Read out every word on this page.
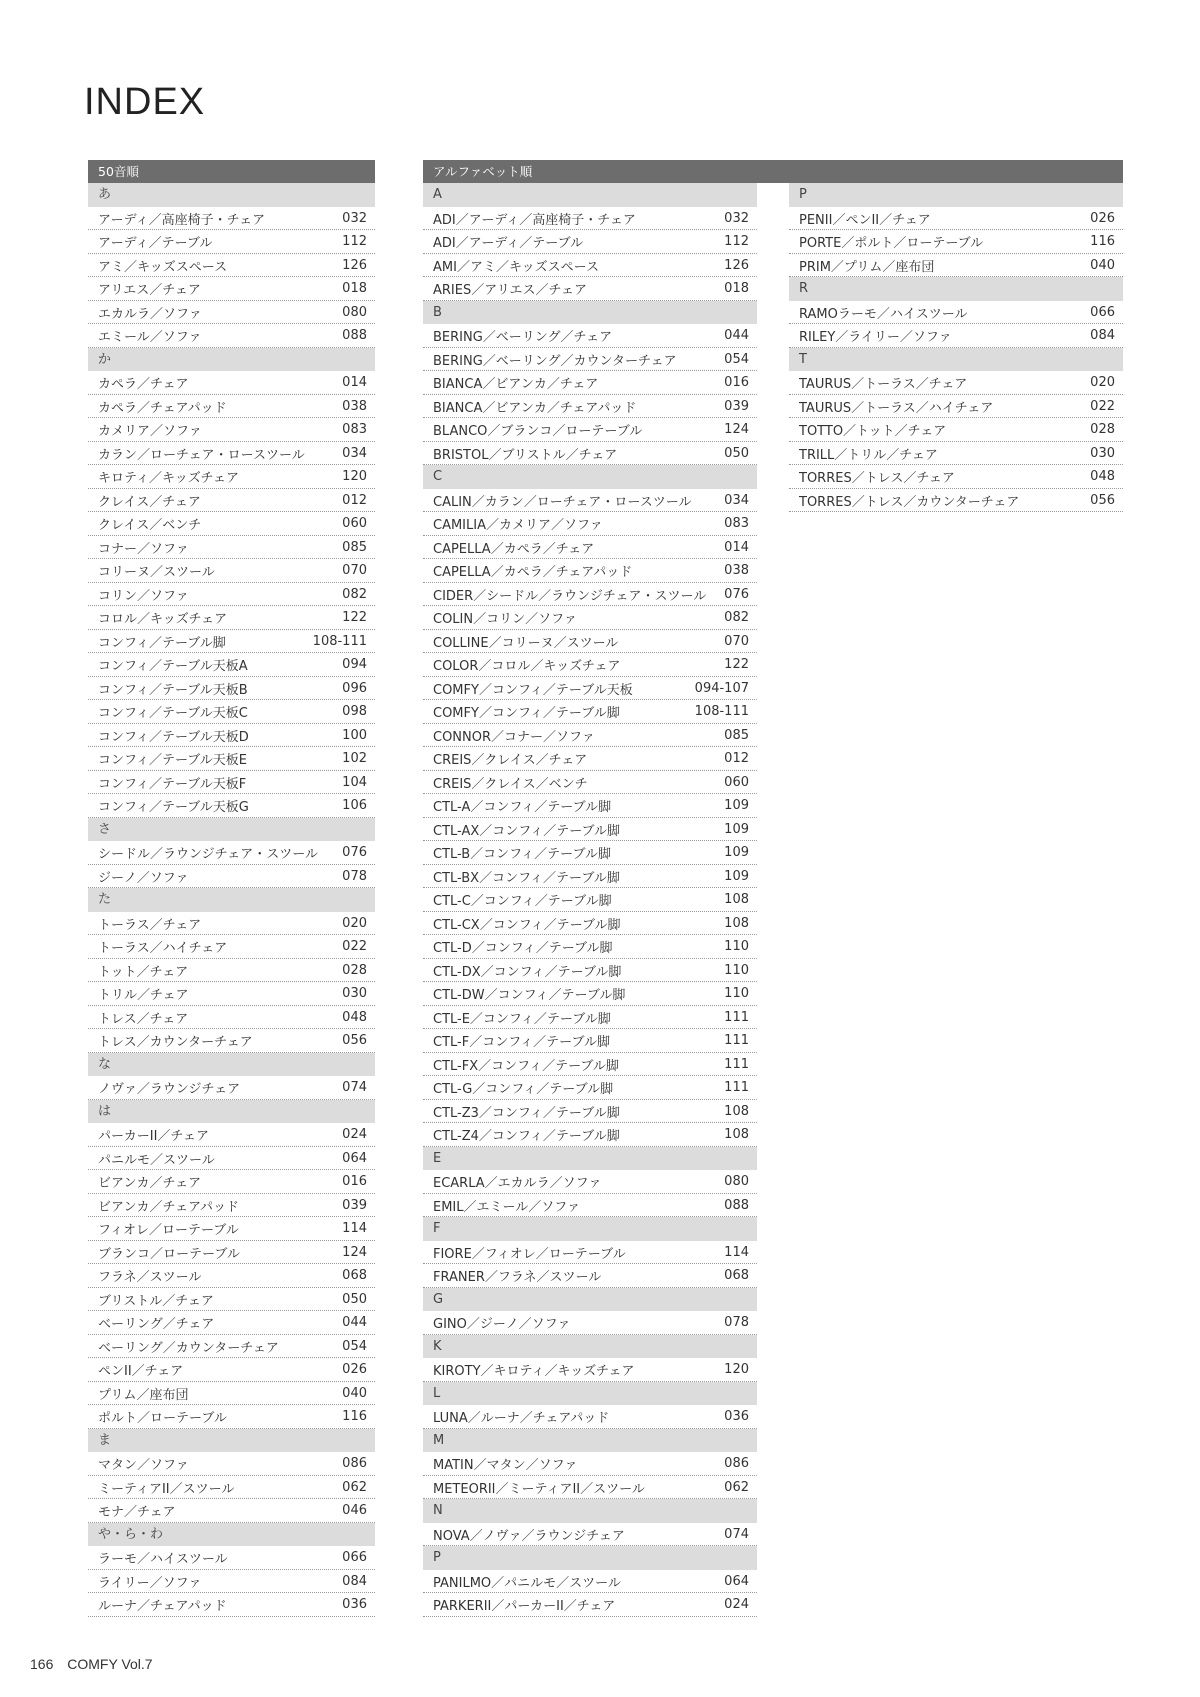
INDEX
50音順
あ
アーディ／高座椅子・チェア	032
アーディ／テーブル	112
アミ／キッズスペース	126
アリエス／チェア	018
エカルラ／ソファ	080
エミール／ソファ	088
か
カペラ／チェア	014
カペラ／チェアパッド	038
カメリア／ソファ	083
カラン／ローチェア・ロースツール	034
キロティ／キッズチェア	120
クレイス／チェア	012
クレイス／ベンチ	060
コナー／ソファ	085
コリーヌ／スツール	070
コリン／ソファ	082
コロル／キッズチェア	122
コンフィ／テーブル脚	108-111
コンフィ／テーブル天板A	094
コンフィ／テーブル天板B	096
コンフィ／テーブル天板C	098
コンフィ／テーブル天板D	100
コンフィ／テーブル天板E	102
コンフィ／テーブル天板F	104
コンフィ／テーブル天板G	106
さ
シードル／ラウンジチェア・スツール	076
ジーノ／ソファ	078
た
トーラス／チェア	020
トーラス／ハイチェア	022
トット／チェア	028
トリル／チェア	030
トレス／チェア	048
トレス／カウンターチェア	056
な
ノヴァ／ラウンジチェア	074
は
パーカーII／チェア	024
パニルモ／スツール	064
ビアンカ／チェア	016
ビアンカ／チェアパッド	039
フィオレ／ローテーブル	114
ブランコ／ローテーブル	124
フラネ／スツール	068
ブリストル／チェア	050
ベーリング／チェア	044
ベーリング／カウンターチェア	054
ペンII／チェア	026
プリム／座布団	040
ポルト／ローテーブル	116
ま
マタン／ソファ	086
ミーティアII／スツール	062
モナ／チェア	046
や・ら・わ
ラーモ／ハイスツール	066
ライリー／ソファ	084
ルーナ／チェアパッド	036
アルファベット順
A
ADI／アーディ／高座椅子・チェア	032
ADI／アーディ／テーブル	112
AMI／アミ／キッズスペース	126
ARIES／アリエス／チェア	018
B
BERING／ベーリング／チェア	044
BERING／ベーリング／カウンターチェア	054
BIANCA／ビアンカ／チェア	016
BIANCA／ビアンカ／チェアパッド	039
BLANCO／ブランコ／ローテーブル	124
BRISTOL／ブリストル／チェア	050
C
CALIN／カラン／ローチェア・ロースツール	034
CAMILIA／カメリア／ソファ	083
CAPELLA／カペラ／チェア	014
CAPELLA／カペラ／チェアパッド	038
CIDER／シードル／ラウンジチェア・スツール	076
COLIN／コリン／ソファ	082
COLLINE／コリーヌ／スツール	070
COLOR／コロル／キッズチェア	122
COMFY／コンフィ／テーブル天板	094-107
COMFY／コンフィ／テーブル脚	108-111
CONNOR／コナー／ソファ	085
CREIS／クレイス／チェア	012
CREIS／クレイス／ベンチ	060
CTL-A／コンフィ／テーブル脚	109
CTL-AX／コンフィ／テーブル脚	109
CTL-B／コンフィ／テーブル脚	109
CTL-BX／コンフィ／テーブル脚	109
CTL-C／コンフィ／テーブル脚	108
CTL-CX／コンフィ／テーブル脚	108
CTL-D／コンフィ／テーブル脚	110
CTL-DX／コンフィ／テーブル脚	110
CTL-DW／コンフィ／テーブル脚	110
CTL-E／コンフィ／テーブル脚	111
CTL-F／コンフィ／テーブル脚	111
CTL-FX／コンフィ／テーブル脚	111
CTL-G／コンフィ／テーブル脚	111
CTL-Z3／コンフィ／テーブル脚	108
CTL-Z4／コンフィ／テーブル脚	108
E
ECARLA／エカルラ／ソファ	080
EMIL／エミール／ソファ	088
F
FIORE／フィオレ／ローテーブル	114
FRANER／フラネ／スツール	068
G
GINO／ジーノ／ソファ	078
K
KIROTY／キロティ／キッズチェア	120
L
LUNA／ルーナ／チェアパッド	036
M
MATIN／マタン／ソファ	086
METEORII／ミーティアII／スツール	062
N
NOVA／ノヴァ／ラウンジチェア	074
P
PANILMO／パニルモ／スツール	064
PARKERII／パーカーII／チェア	024
P
PENII／ペンII／チェア	026
PORTE／ポルト／ローテーブル	116
PRIM／プリム／座布団	040
R
RAMOラーモ／ハイスツール	066
RILEY／ライリー／ソファ	084
T
TAURUS／トーラス／チェア	020
TAURUS／トーラス／ハイチェア	022
TOTTO／トット／チェア	028
TRILL／トリル／チェア	030
TORRES／トレス／チェア	048
TORRES／トレス／カウンターチェア	056
166 COMFY Vol.7
